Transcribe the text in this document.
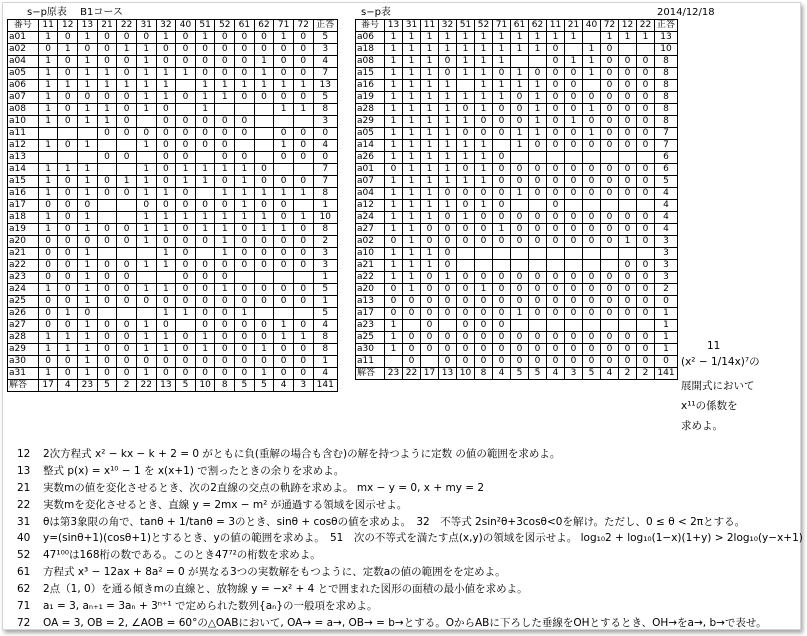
s−p原表　 B1コース	s−p表	2014/12/18
番号	11	12	13	21	22	31	32	40	51	52	61	62	71	72	正答
a01	1	0	1	0	0	0	1	0	1	0	0	0	1	0	5
a02	0	1	0	0	1	1	0	0	0	0	0	0	0	0	3
a04	1	0	1	0	0	1	0	0	0	0	0	1	0	0	4
a05	1	0	1	1	0	1	1	1	0	0	0	1	0	0	7
a06	1	1	1	1	1	1	1		1	1	1	1	1	1	13
a07	1	0	0	0	0	1	1	0	1	1	0	0	0	0	5
a08	1	0	1	1	0	1	0		1				1	1	8
a10	1	0	1	1	0		0	0	0	0	0				3
a11				0	0	0	0	0	0	0	0		0	0	0
a12	1	0	1			1	0	0	0	0			1	0	4
a13				0	0		0	0		0	0		0	0	0
a14	1	1	1			1	0	1	1	1	1	0			7
a15	1	0	1	0	1	1	0	1	1	0	1	0	0	0	7
a16	1	0	1	0	0	1	1	0		1	1	1	1	1	8
a17	0	0	0			0	0	0	0	0	1	0	0		1
a18	1	0	1			1	1	1	1	1	1	1	0	1	10
a19	1	0	1	0	0	1	1	0	1	1	0	1	1	0	8
a20	0	0	0	0	0	1	0	0	0	1	0	0	0	0	2
a21	0	0	1				1	0		1	0	0	0	0	3
a22	0	0	1	0	0	1	1	0	0	0	0	0	0	0	3
a23	0	0	1	0	0			0	0	0					1
a24	1	0	1	0	0	1	1	0	0	1	0	0	0	0	5
a25	0	0	1	0	0	0	0	0	0	0	0	0	0	0	1
a26	0	1	0				1	1	0	0	1				5
a27	0	0	1	0	0	1	0		0	0	0	0	1	0	4
a28	1	1	1	0	0	1	1	0	1	0	0	0	1	1	8
a29	1	1	1	0	0	1	1	0	1	0	0	1	0	0	8
a30	0	0	1	0	0	0	0	0	0	0	0	0	0	0	1
a31	1	0	1	0	0	1	0	0	0	0	0	1	0	0	4
解答	17	4	23	5	2	22	13	5	10	8	5	5	4	3	141
番号	13	31	11	32	51	52	71	61	62	11	21	40	72	12	22	正答
a06	1	1	1	1	1	1	1	1	1	1	1		1	1	1	13
a18	1	1	1	1	1	1	1	1	1	0		1	0			10
a08	1	1	1	0	1	1	1			0	1	1	0	0	0	8
a15	1	1	1	0	1	1	0	1	0	0	0	1	0	0	0	8
a16	1	1	1	1		1	1	1	1	0	0		0	0	0	8
a19	1	1	1	1	1	1	1	0	1	0	0	0	0	0	0	8
a28	1	1	1	1	0	1	0	0	1	0	0	1	0	0	0	8
a29	1	1	1	1	1	0	0	0	1	0	1	0	0	0	0	8
a05	1	1	1	1	0	0	0	1	1	0	0	1	0	0	0	7
a14	1	1	1	1	1	1		1	0	0	0	0	0	0	0	7
a26	1	1	1	1	1	1	0									6
a01	0	1	1	1	0	1	0	0	0	0	0	0	0	0	0	6
a07	1	1	1	1	1	1	0	0	0	0	0	0	0	0	0	5
a04	1	1	1	0	0	0	0	1	0	0	0	0	0	0	0	4
a12	1	1	1	1	0	1	0			0						4
a24	1	1	1	0	1	0	0	0	0	0	0	0	0	0	0	4
a27	1	1	0	0	0	0	1	0	0	0	0	0	0	0	0	4
a02	0	1	0	0	0	0	0	0	0	0	0	0	0	1	0	3
a10	1	1	1	0												3
a21	1	1	1	0										0	0	3
a22	1	1	0	1	0	0	0	0	0	0	0	0	0	0	0	3
a20	0	1	0	0	0	1	0	0	0	0	0	0	0	0	0	2
a13	0	0	0	0	0	0	0	0	0	0	0	0	0	0	0	0
a17	0	0	0	0	0	0	0	1	0	0	0	0	0	0	0	1
a23	1		0		0	0	0									1
a25	1	0	0	0	0	0	0	0	0	0	0	0	0	0	0	1
a30	1	0	0	0	0	0	0	0	0	0	0	0	0	0	0	1
a11		0		0	0	0	0	0	0	0	0	0	0	0	0	0
解答	23	22	17	13	10	8	4	5	5	4	3	5	4	2	2	141
11
(x² − 1/14x)⁷の
展開式において
x¹¹の係数を
求めよ。
12 2次方程式 x² − kx − k + 2 = 0 がともに負(重解の場合も含む)の解を持つように定数 の値の範囲を求めよ。
13 整式 p(x) = x¹⁰ − 1 を x(x+1) で割ったときの余りを求めよ。
21 実数mの値を変化させるとき、次の2直線の交点の軌跡を求めよ。 mx − y = 0, x + my = 2
22 実数mを変化させるとき、直線 y = 2mx − m² が通過する領域を図示せよ。
31 θは第3象限の角で、tanθ + 1/tanθ = 3のとき、sinθ + cosθの値を求めよ。　32　不等式 2sin²θ+3cosθ<0を解け。ただし、0 ≤ θ < 2πとする。
40 y=(sinθ+1)(cosθ+1)とするとき、yの値の範囲を求めよ。　51　次の不等式を満たす点(x,y)の領域を図示せよ。 log₁₀2 + log₁₀(1−x)(1+y) > 2log₁₀(y−x+1)
52 47¹⁰⁰は168桁の数である。このとき47⁷²の桁数を求めよ。
61 方程式 x³ − 12ax + 8a² = 0 が異なる3つの実数解をもつように、定数aの値の範囲をを定めよ。
62 2点（1, 0）を通る傾きmの直線と、放物線 y = −x² + 4 とで囲まれた図形の面積の最小値を求めよ。
71 a₁ = 3, aₙ₊₁ = 3aₙ + 3ⁿ⁺¹ で定められた数列{aₙ}の一般項を求めよ。
72 OA = 3, OB = 2, ∠AOB = 60°の△OABにおいて, OA→ = a→, OB→ = b→とする。OからABに下ろした垂線をOHとするとき、OH→をa→, b→で表せ。
